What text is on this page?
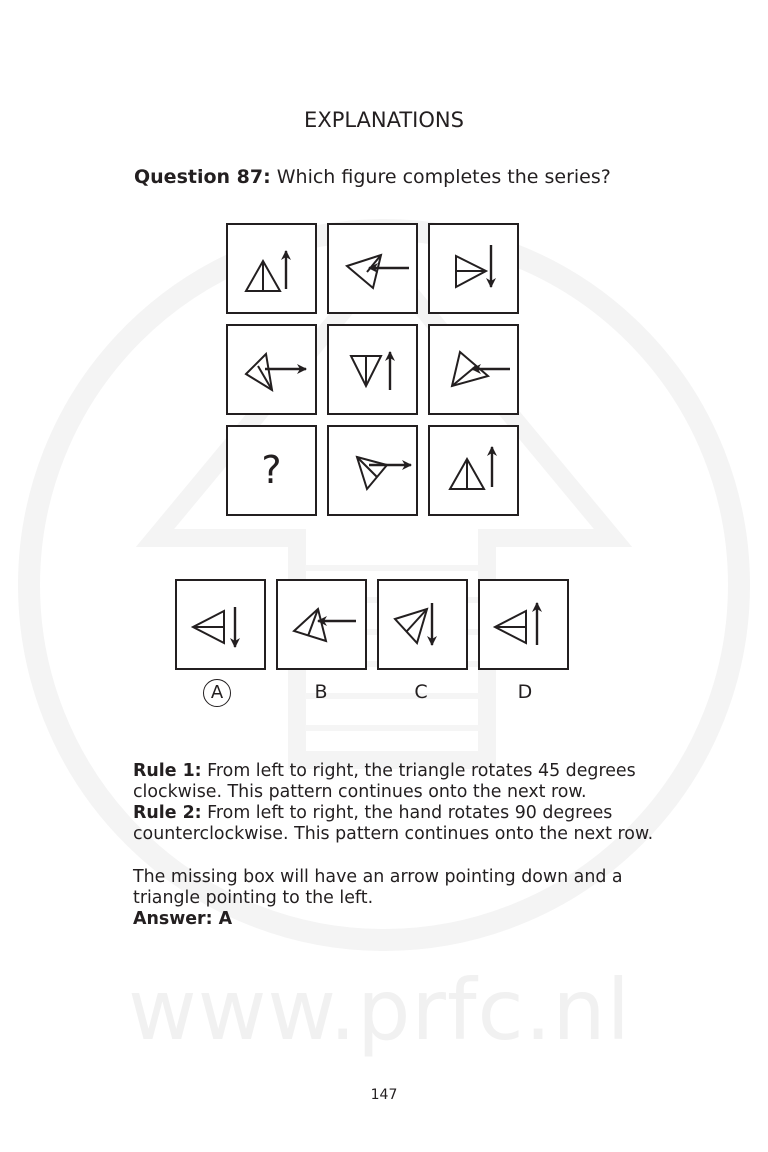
www.prfc.nl
EXPLANATIONS
Question 87: Which figure completes the series?
?
A	B	C	D
Rule 1: From left to right, the triangle rotates 45 degrees clockwise. This pattern continues onto the next row.
Rule 2: From left to right, the hand rotates 90 degrees counterclockwise. This pattern continues onto the next row.
The missing box will have an arrow pointing down and a triangle pointing to the left.
Answer: A
147
